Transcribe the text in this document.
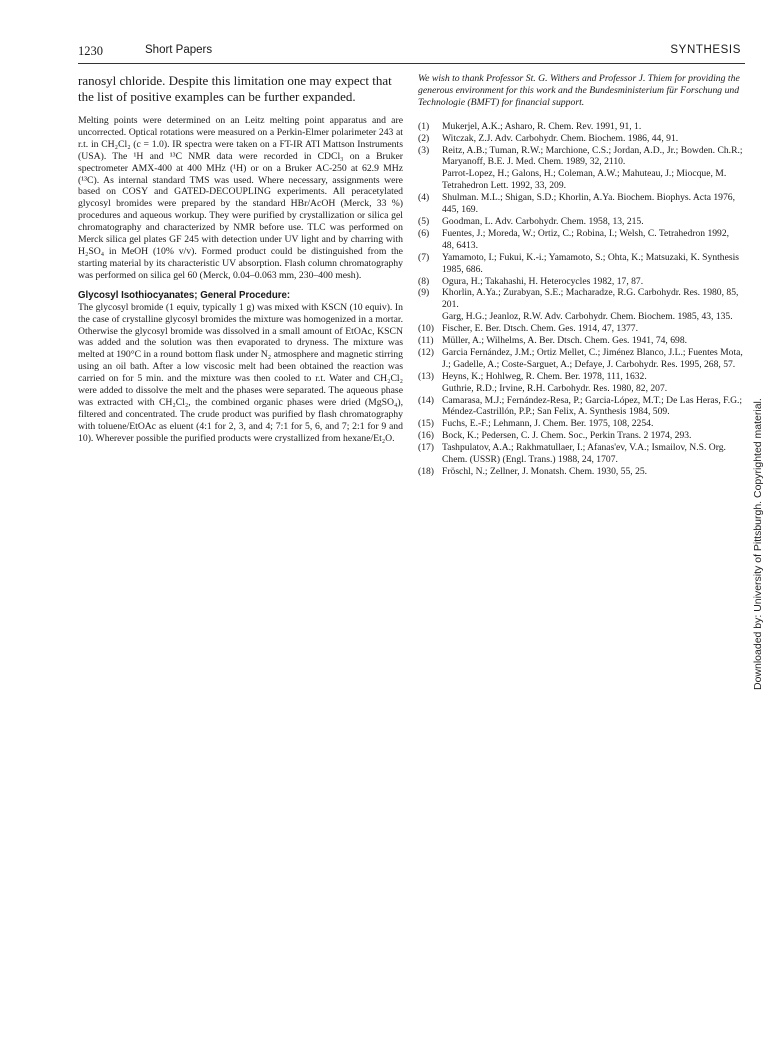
1230	Short Papers	SYNTHESIS

ranosyl chloride. Despite this limitation one may expect that the list of positive examples can be further expanded.

Melting points were determined on an Leitz melting point apparatus and are uncorrected. Optical rotations were measured on a Perkin-Elmer polarimeter 243 at r.t. in CH₂Cl₂ (c = 1.0). IR spectra were taken on a FT-IR ATI Mattson Instruments (USA). The ¹H and ¹³C NMR data were recorded in CDCl₃ on a Bruker spectrometer AMX-400 at 400 MHz (¹H) or on a Bruker AC-250 at 62.9 MHz (¹³C). As internal standard TMS was used. Where necessary, assignments were based on COSY and GATED-DECOUPLING experiments. All peracetylated glycosyl bromides were prepared by the standard HBr/AcOH (Merck, 33 %) procedures and aqueous workup. They were purified by crystallization or silica gel chromatography and characterized by NMR before use. TLC was performed on Merck silica gel plates GF 245 with detection under UV light and by charring with H₂SO₄ in MeOH (10% v/v). Formed product could be distinguished from the starting material by its characteristic UV absorption. Flash column chromatography was performed on silica gel 60 (Merck, 0.04–0.063 mm, 230–400 mesh).

Glycosyl Isothiocyanates; General Procedure:

The glycosyl bromide (1 equiv, typically 1 g) was mixed with KSCN (10 equiv). In the case of crystalline glycosyl bromides the mixture was homogenized in a mortar. Otherwise the glycosyl bromide was dissolved in a small amount of EtOAc, KSCN was added and the solution was then evaporated to dryness. The mixture was melted at 190°C in a round bottom flask under N₂ atmosphere and magnetic stirring using an oil bath. After a low viscosic melt had been obtained the reaction was carried on for 5 min. and the mixture was then cooled to r.t. Water and CH₂Cl₂ were added to dissolve the melt and the phases were separated. The aqueous phase was extracted with CH₂Cl₂, the combined organic phases were dried (MgSO₄), filtered and concentrated. The crude product was purified by flash chromatography with toluene/EtOAc as eluent (4:1 for 2, 3, and 4; 7:1 for 5, 6, and 7; 2:1 for 9 and 10). Wherever possible the purified products were crystallized from hexane/Et₂O.

We wish to thank Professor St. G. Withers and Professor J. Thiem for providing the generous environment for this work and the Bundesministerium für Forschung und Technologie (BMFT) for financial support.

(1)	Mukerjel, A.K.; Asharo, R. Chem. Rev. 1991, 91, 1.
(2)	Witczak, Z.J. Adv. Carbohydr. Chem. Biochem. 1986, 44, 91.
(3)	Reitz, A.B.; Tuman, R.W.; Marchione, C.S.; Jordan, A.D., Jr.; Bowden. Ch.R.; Maryanoff, B.E. J. Med. Chem. 1989, 32, 2110.
Parrot-Lopez, H.; Galons, H.; Coleman, A.W.; Mahuteau, J.; Miocque, M. Tetrahedron Lett. 1992, 33, 209.
(4)	Shulman. M.L.; Shigan, S.D.; Khorlin, A.Ya. Biochem. Biophys. Acta 1976, 445, 169.
(5)	Goodman, L. Adv. Carbohydr. Chem. 1958, 13, 215.
(6)	Fuentes, J.; Moreda, W.; Ortiz, C.; Robina, I.; Welsh, C. Tetrahedron 1992, 48, 6413.
(7)	Yamamoto, I.; Fukui, K.-i.; Yamamoto, S.; Ohta, K.; Matsuzaki, K. Synthesis 1985, 686.
(8)	Ogura, H.; Takahashi, H. Heterocycles 1982, 17, 87.
(9)	Khorlin, A.Ya.; Zurabyan, S.E.; Macharadze, R.G. Carbohydr. Res. 1980, 85, 201.
Garg, H.G.; Jeanloz, R.W. Adv. Carbohydr. Chem. Biochem. 1985, 43, 135.
(10) Fischer, E. Ber. Dtsch. Chem. Ges. 1914, 47, 1377.
(11) Müller, A.; Wilhelms, A. Ber. Dtsch. Chem. Ges. 1941, 74, 698.
(12) Garcia Fernández, J.M.; Ortiz Mellet, C.; Jiménez Blanco, J.L.; Fuentes Mota, J.; Gadelle, A.; Coste-Sarguet, A.; Defaye, J. Carbohydr. Res. 1995, 268, 57.
(13) Heyns, K.; Hohlweg, R. Chem. Ber. 1978, 111, 1632.
Guthrie, R.D.; Irvine, R.H. Carbohydr. Res. 1980, 82, 207.
(14) Camarasa, M.J.; Fernández-Resa, P.; Garcia-López, M.T.; De Las Heras, F.G.; Méndez-Castrillón, P.P.; San Felix, A. Synthesis 1984, 509.
(15) Fuchs, E.-F.; Lehmann, J. Chem. Ber. 1975, 108, 2254.
(16) Bock, K.; Pedersen, C. J. Chem. Soc., Perkin Trans. 2 1974, 293.
(17) Tashpulatov, A.A.; Rakhmatullaer, I.; Afanas'ev, V.A.; Ismailov, N.S. Org. Chem. (USSR) (Engl. Trans.) 1988, 24, 1707.
(18) Fröschl, N.; Zellner, J. Monatsh. Chem. 1930, 55, 25.	Downloaded by: University of Pittsburgh. Copyrighted material.
